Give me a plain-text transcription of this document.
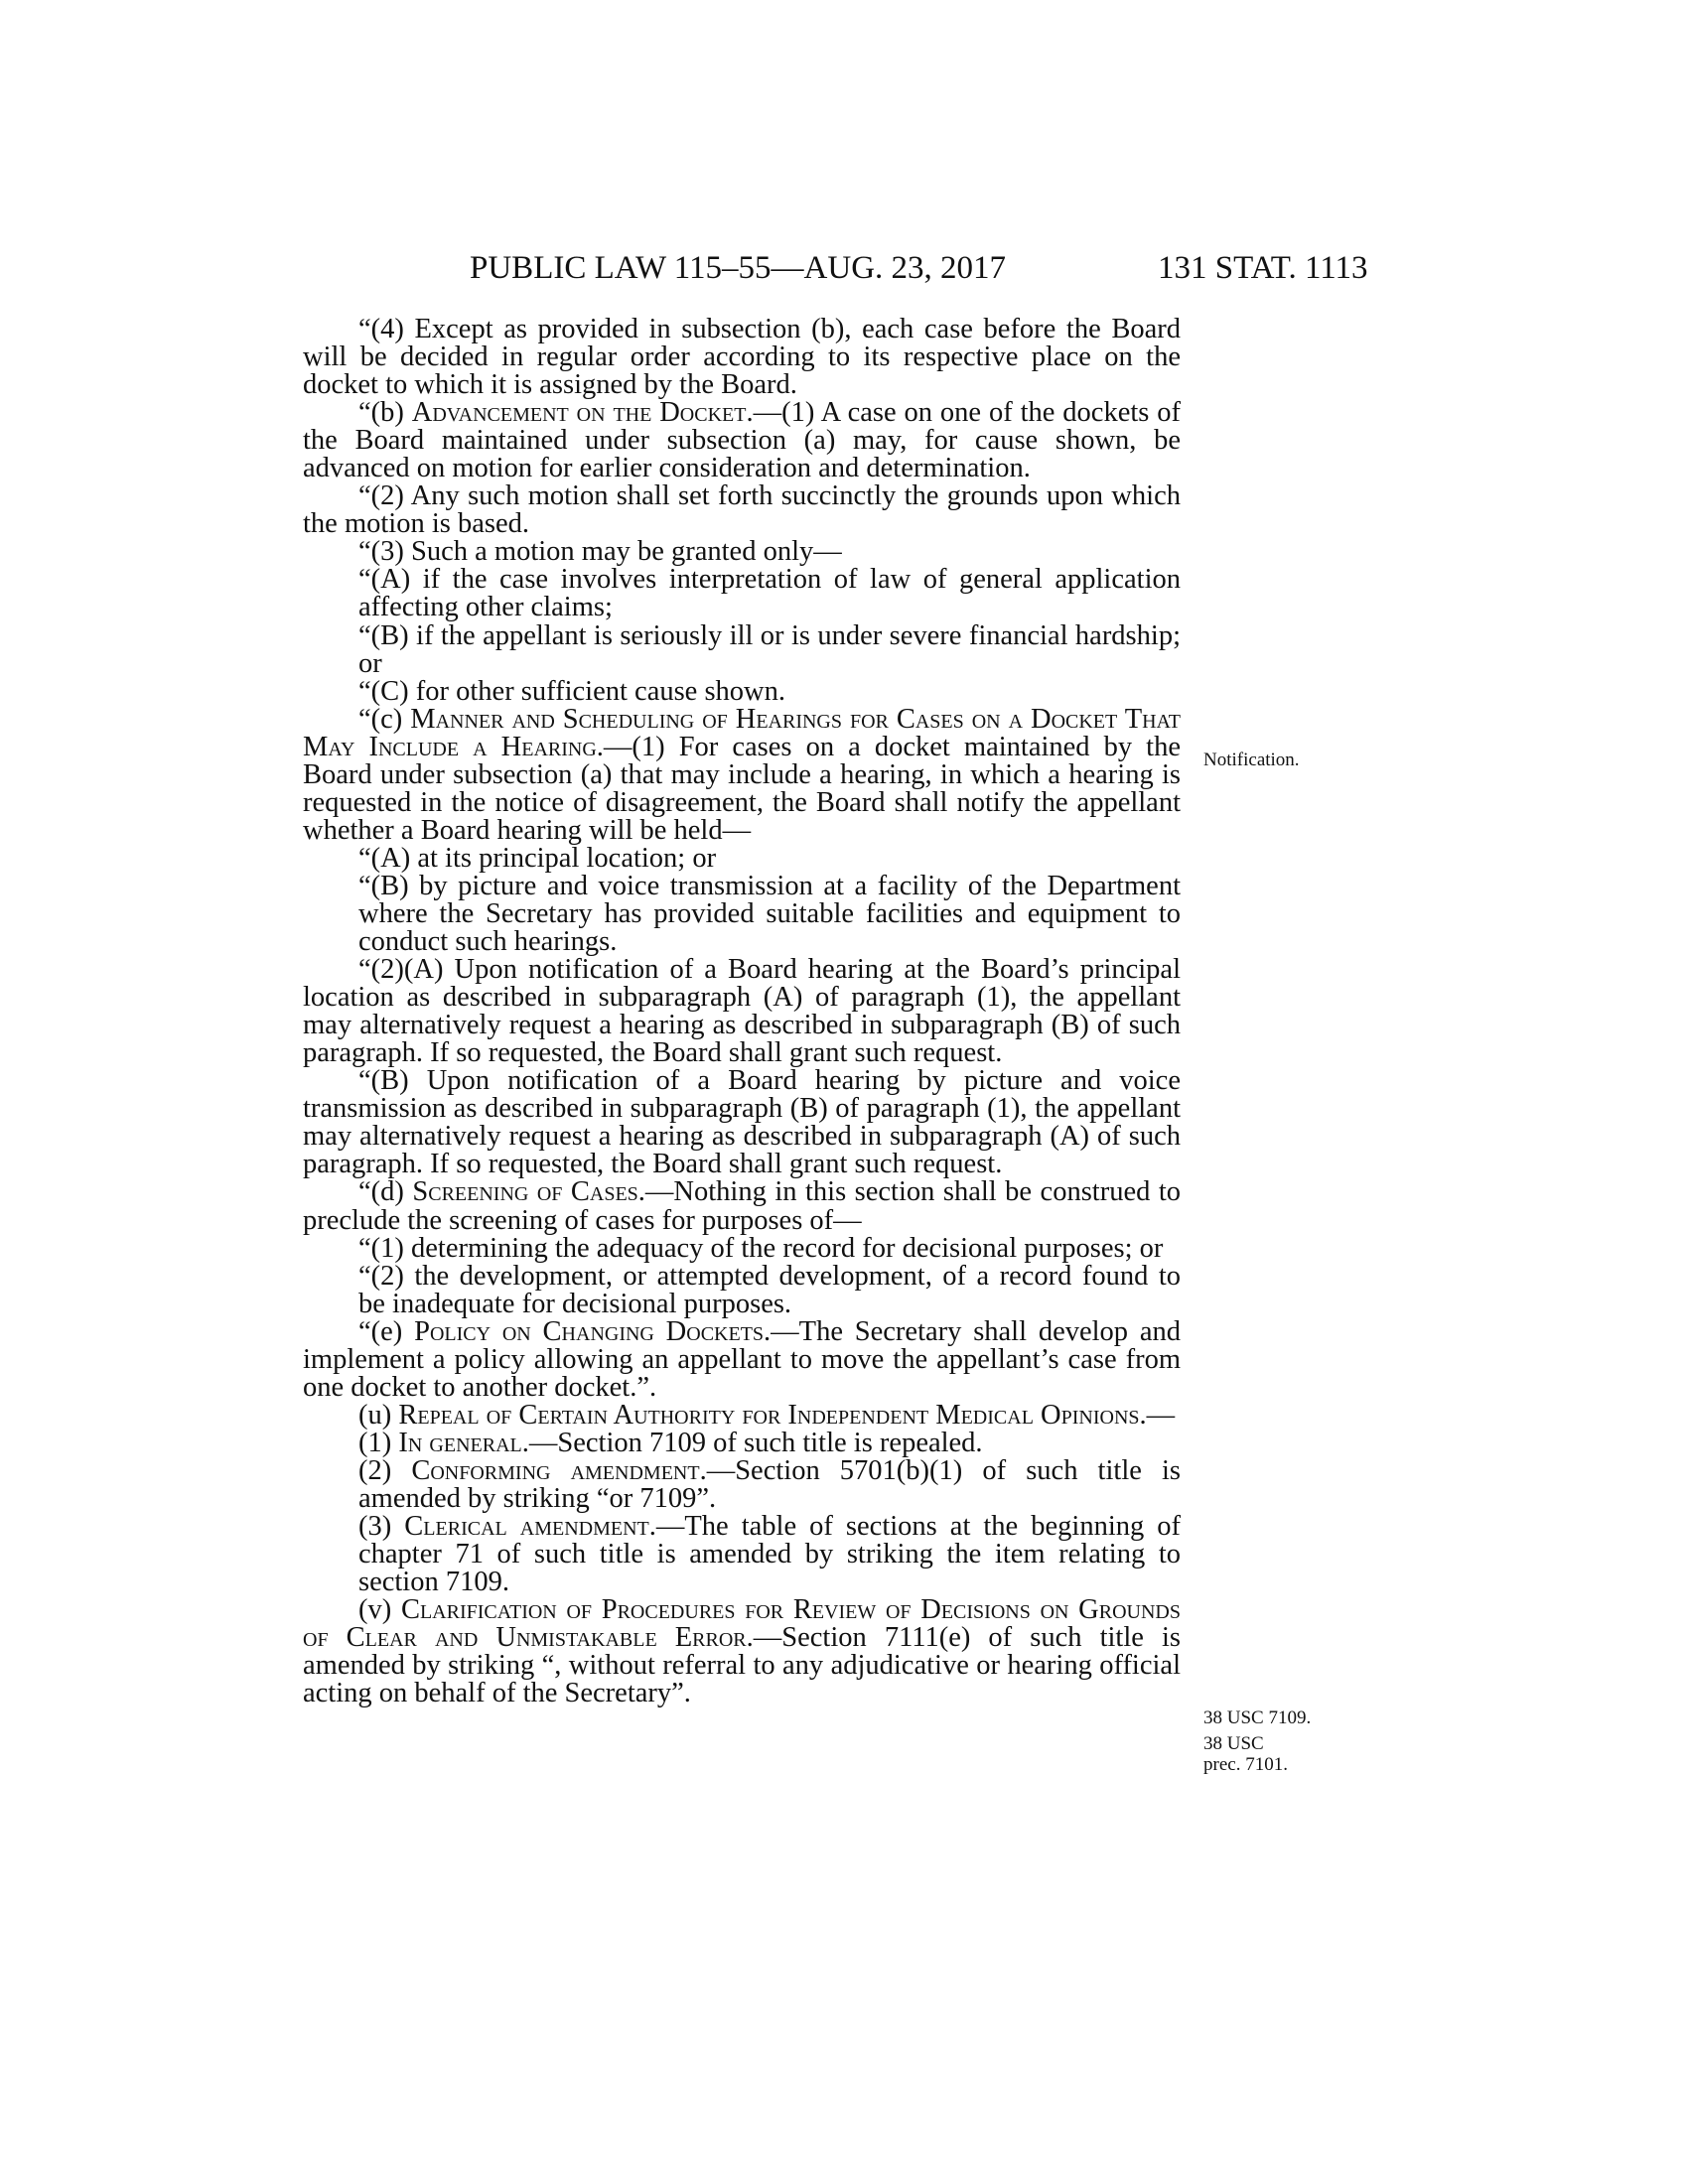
PUBLIC LAW 115–55—AUG. 23, 2017	131 STAT. 1113

“(4) Except as provided in subsection (b), each case before the Board will be decided in regular order according to its respective place on the docket to which it is assigned by the Board.

“(b) Advancement on the Docket.—(1) A case on one of the dockets of the Board maintained under subsection (a) may, for cause shown, be advanced on motion for earlier consideration and determination.

“(2) Any such motion shall set forth succinctly the grounds upon which the motion is based.

“(3) Such a motion may be granted only—

“(A) if the case involves interpretation of law of general application affecting other claims;

“(B) if the appellant is seriously ill or is under severe financial hardship; or

“(C) for other sufficient cause shown.

“(c) Manner and Scheduling of Hearings for Cases on a Docket That May Include a Hearing.—(1) For cases on a docket maintained by the Board under subsection (a) that may include a hearing, in which a hearing is requested in the notice of disagreement, the Board shall notify the appellant whether a Board hearing will be held—

“(A) at its principal location; or

“(B) by picture and voice transmission at a facility of the Department where the Secretary has provided suitable facilities and equipment to conduct such hearings.

“(2)(A) Upon notification of a Board hearing at the Board’s principal location as described in subparagraph (A) of paragraph (1), the appellant may alternatively request a hearing as described in subparagraph (B) of such paragraph. If so requested, the Board shall grant such request.

“(B) Upon notification of a Board hearing by picture and voice transmission as described in subparagraph (B) of paragraph (1), the appellant may alternatively request a hearing as described in subparagraph (A) of such paragraph. If so requested, the Board shall grant such request.

“(d) Screening of Cases.—Nothing in this section shall be construed to preclude the screening of cases for purposes of—

“(1) determining the adequacy of the record for decisional purposes; or

“(2) the development, or attempted development, of a record found to be inadequate for decisional purposes.

“(e) Policy on Changing Dockets.—The Secretary shall develop and implement a policy allowing an appellant to move the appellant’s case from one docket to another docket.”.

(u) Repeal of Certain Authority for Independent Medical Opinions.—

(1) In general.—Section 7109 of such title is repealed.

(2) Conforming amendment.—Section 5701(b)(1) of such title is amended by striking “or 7109”.

(3) Clerical amendment.—The table of sections at the beginning of chapter 71 of such title is amended by striking the item relating to section 7109.

(v) Clarification of Procedures for Review of Decisions on Grounds of Clear and Unmistakable Error.—Section 7111(e) of such title is amended by striking “, without referral to any adjudicative or hearing official acting on behalf of the Secretary”.

Notification.
38 USC 7109.
38 USC
prec. 7101.
